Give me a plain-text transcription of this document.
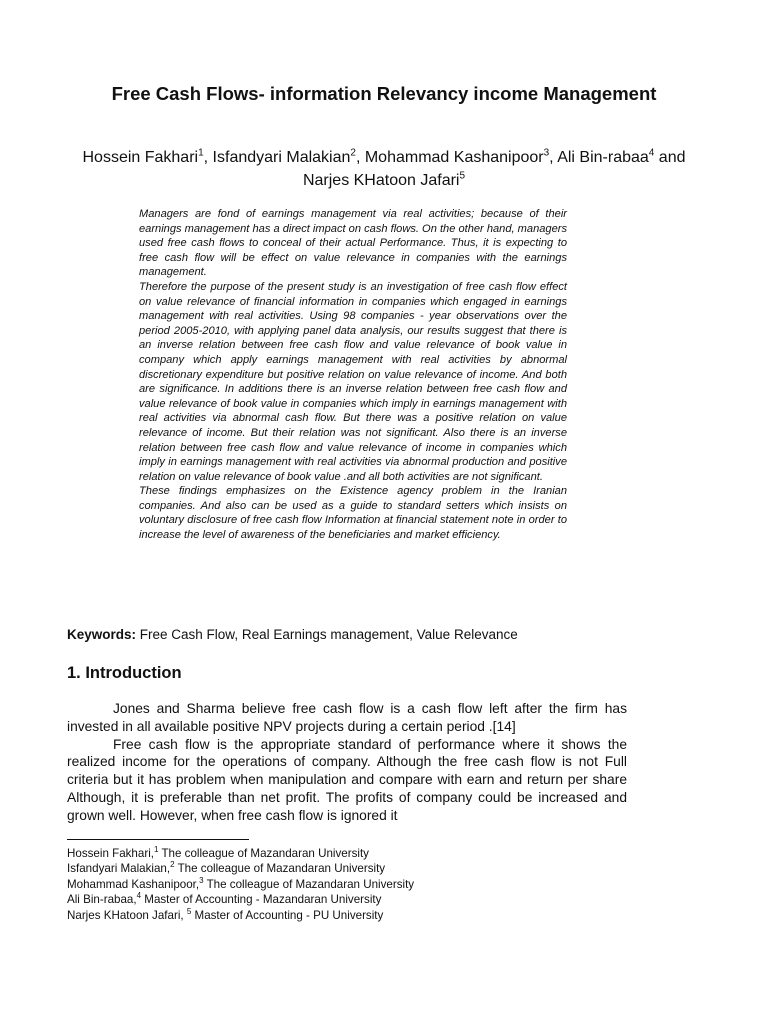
Free Cash Flows- information Relevancy income Management
Hossein Fakhari$^1$, Isfandyari Malakian$^2$, Mohammad Kashanipoor$^3$, Ali Bin-rabaa$^4$ and Narjes KHatoon Jafari$^5$

Managers are fond of earnings management via real activities; because of their earnings management has a direct impact on cash flows. On the other hand, managers used free cash flows to conceal of their actual Performance. Thus, it is expecting to free cash flow will be effect on value relevance in companies with the earnings management.

Therefore the purpose of the present study is an investigation of free cash flow effect on value relevance of financial information in companies which engaged in earnings management with real activities. Using 98 companies - year observations over the period 2005-2010, with applying panel data analysis, our results suggest that there is an inverse relation between free cash flow and value relevance of book value in company which apply earnings management with real activities by abnormal discretionary expenditure but positive relation on value relevance of income. And both are significance. In additions there is an inverse relation between free cash flow and value relevance of book value in companies which imply in earnings management with real activities via abnormal cash flow. But there was a positive relation on value relevance of income. But their relation was not significant. Also there is an inverse relation between free cash flow and value relevance of income in companies which imply in earnings management with real activities via abnormal production and positive relation on value relevance of book value .and all both activities are not significant.

These findings emphasizes on the Existence agency problem in the Iranian companies. And also can be used as a guide to standard setters which insists on voluntary disclosure of free cash flow Information at financial statement note in order to increase the level of awareness of the beneficiaries and market efficiency.

Keywords: Free Cash Flow, Real Earnings management, Value Relevance
1. Introduction

Jones and Sharma believe free cash flow is a cash flow left after the firm has invested in all available positive NPV projects during a certain period .[14]

Free cash flow is the appropriate standard of performance where it shows the realized income for the operations of company. Although the free cash flow is not Full criteria but it has problem when manipulation and compare with earn and return per share Although, it is preferable than net profit. The profits of company could be increased and grown well. However, when free cash flow is ignored it

Hossein Fakhari,$^1$ The colleague of Mazandaran University
Isfandyari Malakian,$^2$ The colleague of Mazandaran University
Mohammad Kashanipoor,$^3$ The colleague of Mazandaran University
Ali Bin-rabaa,$^4$ Master of Accounting - Mazandaran University
Narjes KHatoon Jafari, $^5$ Master of Accounting - PU University
